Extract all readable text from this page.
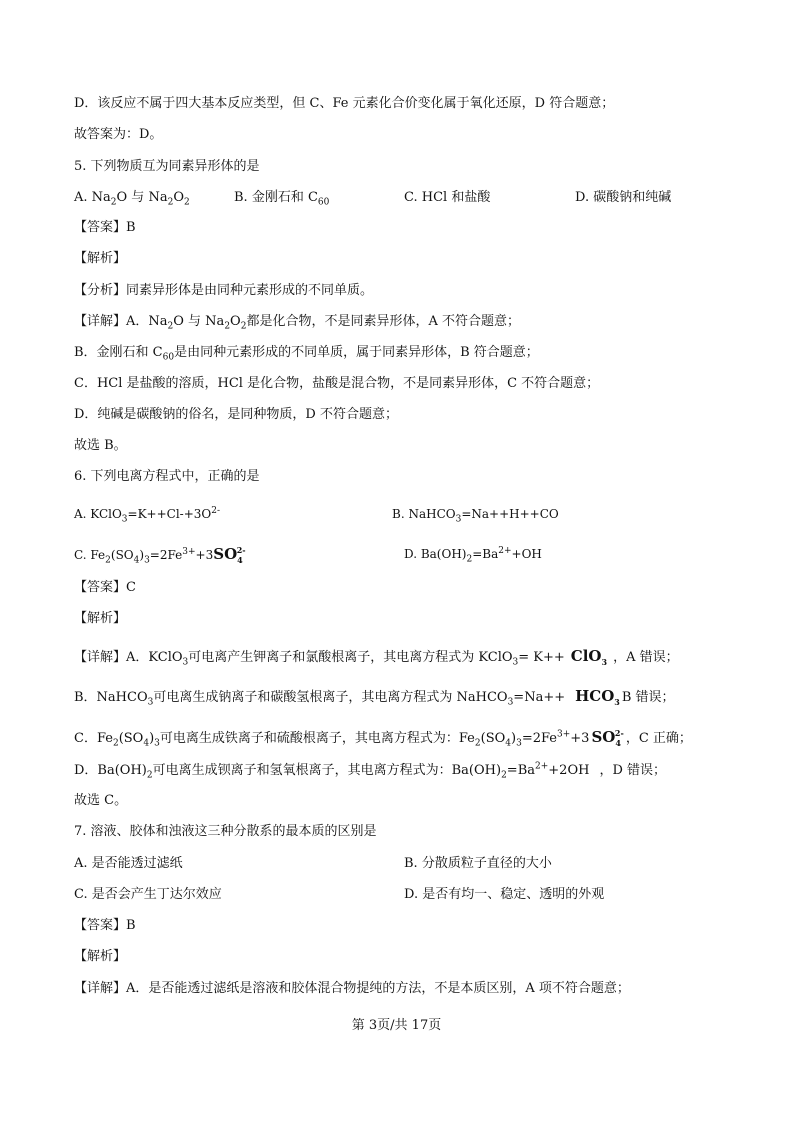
D．该反应不属于四大基本反应类型，但 C、Fe 元素化合价变化属于氧化还原，D 符合题意；
故答案为：D。
5. 下列物质互为同素异形体的是
A. $Na_2O$ 与 $Na_2O_2$	B. 金刚石和 $C_{60}$	C. HCl 和盐酸	D. 碳酸钠和纯碱
【答案】B
【解析】
【分析】同素异形体是由同种元素形成的不同单质。
【详解】A．$Na_2O$ 与 $Na_2O_2$都是化合物，不是同素异形体，A 不符合题意；
B．金刚石和 $C_{60}$是由同种元素形成的不同单质，属于同素异形体，B 符合题意；
C．HCl 是盐酸的溶质，HCl 是化合物，盐酸是混合物，不是同素异形体，C 不符合题意；
D．纯碱是碳酸钠的俗名，是同种物质，D 不符合题意；
故选 B。
6. 下列电离方程式中，正确的是
A. $KClO_3=K++Cl-+3O^{2-}$	B. NaHCO$_3$=Na++H++CO
C. $Fe_2(SO_4)_3=2Fe^{3+}+3SO_4^{2-}$	D. $Ba(OH)_2=Ba^{2+}+OH$
【答案】C
【解析】
【详解】A．KClO$_3$可电离产生钾离子和氯酸根离子，其电离方程式为 KClO$_3$= K++ ClO$_3$ ，A 错误；
B．NaHCO$_3$可电离生成钠离子和碳酸氢根离子，其电离方程式为 NaHCO$_3$=Na++ $HCO_3$ B 错误；
C．$Fe_2(SO_4)_3$可电离生成铁离子和硫酸根离子，其电离方程式为：$Fe_2(SO_4)_3=2Fe^{3+}+3$ $SO_4^{2-}$ ，C 正确；
D．$Ba(OH)_2$可电离生成钡离子和氢氧根离子，其电离方程式为：$Ba(OH)_2=Ba^{2+}+2OH$ ，D 错误；
故选 C。
7. 溶液、胶体和浊液这三种分散系的最本质的区别是
A. 是否能透过滤纸	B. 分散质粒子直径的大小
C. 是否会产生丁达尔效应	D. 是否有均一、稳定、透明的外观
【答案】B
【解析】
【详解】A．是否能透过滤纸是溶液和胶体混合物提纯的方法，不是本质区别，A 项不符合题意；
第 3页/共 17页
